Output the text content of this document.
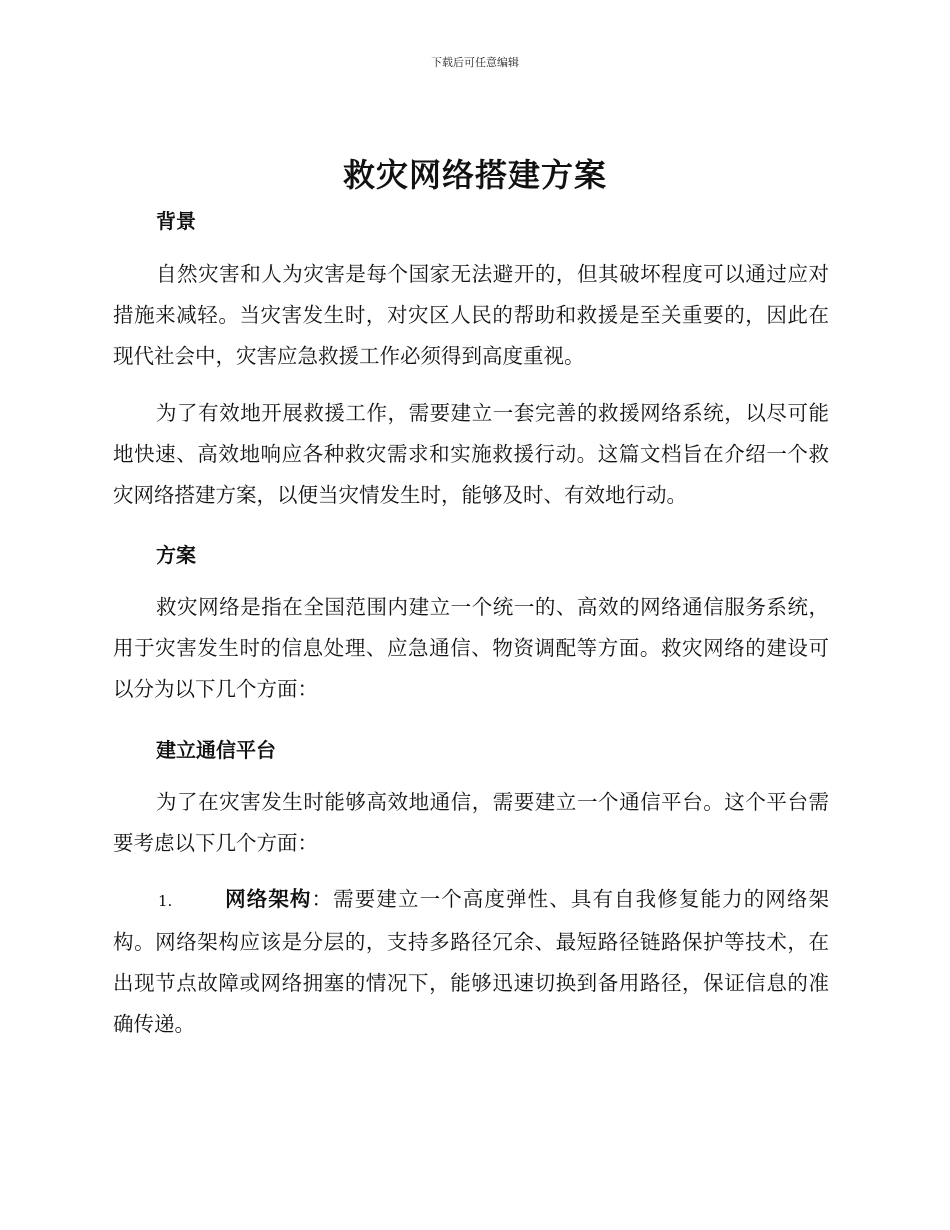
下载后可任意编辑
救灾网络搭建方案
背景

自然灾害和人为灾害是每个国家无法避开的，但其破坏程度可以通过应对措施来减轻。当灾害发生时，对灾区人民的帮助和救援是至关重要的，因此在现代社会中，灾害应急救援工作必须得到高度重视。

为了有效地开展救援工作，需要建立一套完善的救援网络系统，以尽可能地快速、高效地响应各种救灾需求和实施救援行动。这篇文档旨在介绍一个救灾网络搭建方案，以便当灾情发生时，能够及时、有效地行动。

方案

救灾网络是指在全国范围内建立一个统一的、高效的网络通信服务系统，用于灾害发生时的信息处理、应急通信、物资调配等方面。救灾网络的建设可以分为以下几个方面：

建立通信平台

为了在灾害发生时能够高效地通信，需要建立一个通信平台。这个平台需要考虑以下几个方面：

1.	网络架构：需要建立一个高度弹性、具有自我修复能力的网络架构。网络架构应该是分层的，支持多路径冗余、最短路径链路保护等技术，在出现节点故障或网络拥塞的情况下，能够迅速切换到备用路径，保证信息的准确传递。
